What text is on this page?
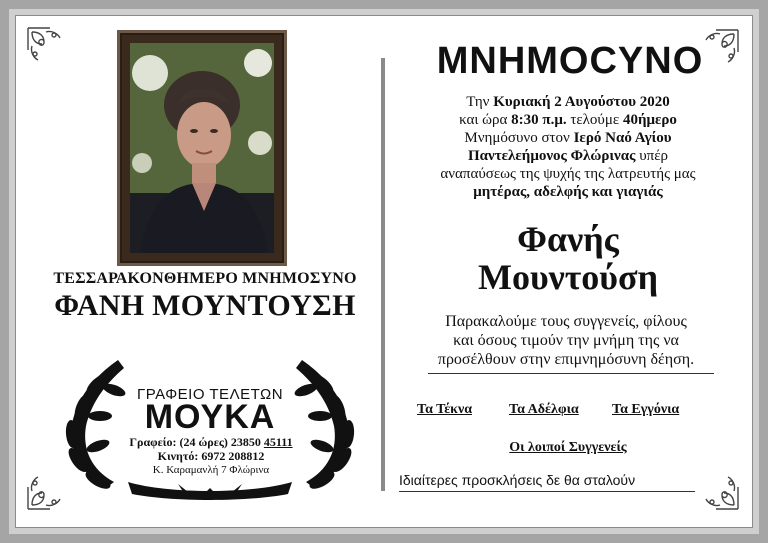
ΤΕΣΣΑΡΑΚΟΝΘΗΜΕΡΟ ΜΝΗΜΟΣΥΝΟ
ΦΑΝΗ ΜΟΥΝΤΟΥΣΗ
ΓΡΑΦΕΙΟ ΤΕΛΕΤΩΝ
ΜΟΥΚΑ
Γραφείο: (24 ώρες) 23850 45111
Κινητό: 6972 208812
Κ. Καραμανλή 7 Φλώρινα
ΜΝΗΜΟCΥΝΟ
Την Κυριακή 2 Αυγούστου 2020
και ώρα 8:30 π.μ. τελούμε 40ήμερο
Μνημόσυνο στον Ιερό Ναό Αγίου
Παντελεήμονος Φλώρινας υπέρ
αναπαύσεως της ψυχής της λατρευτής μας
μητέρας, αδελφής και γιαγιάς
Φανής
Μουντούση
Παρακαλούμε τους συγγενείς, φίλους
και όσους τιμούν την μνήμη της να
προσέλθουν στην επιμνημόσυνη δέηση.
Τα Τέκνα	Τα Αδέλφια Τα Εγγόνια
Οι λοιποί Συγγενείς
Ιδιαίτερες προσκλήσεις δε θα σταλούν
